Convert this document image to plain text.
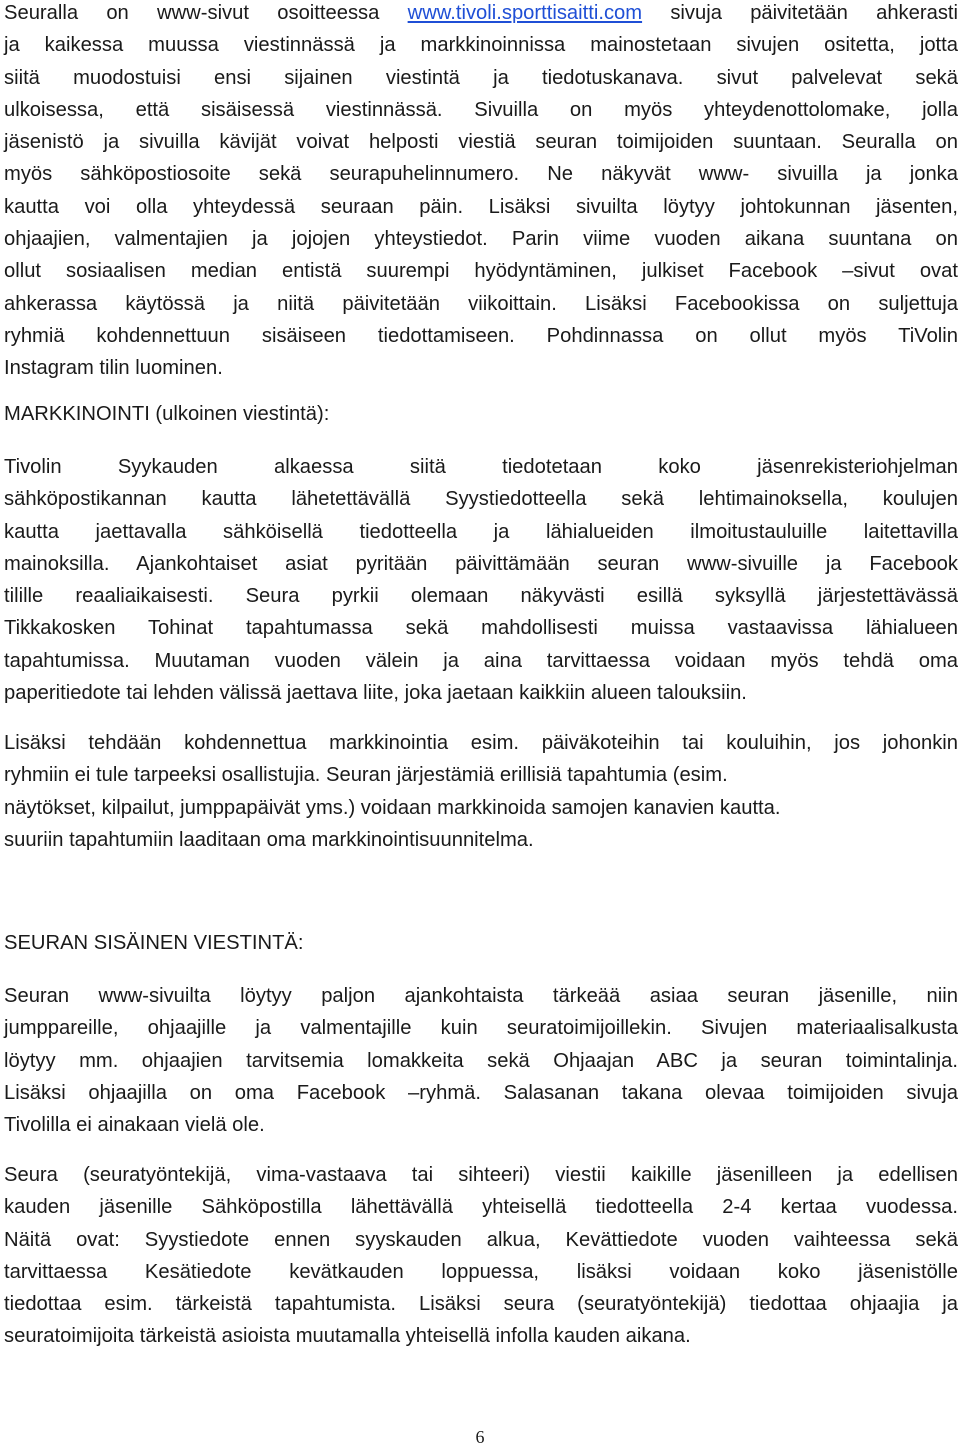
Seuralla on www-sivut osoitteessa www.tivoli.sporttisaitti.com sivuja päivitetään ahkerasti
ja kaikessa muussa viestinnässä ja markkinoinnissa mainostetaan sivujen ositetta, jotta
siitä muodostuisi ensi sijainen viestintä ja tiedotuskanava. sivut palvelevat sekä
ulkoisessa, että sisäisessä viestinnässä. Sivuilla on myös yhteydenottolomake, jolla
jäsenistö ja sivuilla kävijät voivat helposti viestiä seuran toimijoiden suuntaan. Seuralla on
myös sähköpostiosoite sekä seurapuhelinnumero. Ne näkyvät www- sivuilla ja jonka
kautta voi olla yhteydessä seuraan päin. Lisäksi sivuilta löytyy johtokunnan jäsenten,
ohjaajien, valmentajien ja jojojen yhteystiedot. Parin viime vuoden aikana suuntana on
ollut sosiaalisen median entistä suurempi hyödyntäminen, julkiset Facebook –sivut ovat
ahkerassa käytössä ja niitä päivitetään viikoittain. Lisäksi Facebookissa on suljettuja
ryhmiä kohdennettuun sisäiseen tiedottamiseen. Pohdinnassa on ollut myös TiVolin
Instagram tilin luominen.

MARKKINOINTI (ulkoinen viestintä):

Tivolin Syykauden alkaessa siitä tiedotetaan koko jäsenrekisteriohjelman
sähköpostikannan kautta lähetettävällä Syystiedotteella sekä lehtimainoksella, koulujen
kautta jaettavalla sähköisellä tiedotteella ja lähialueiden ilmoitustauluille laitettavilla
mainoksilla. Ajankohtaiset asiat pyritään päivittämään seuran www-sivuille ja Facebook
tilille reaaliaikaisesti. Seura pyrkii olemaan näkyvästi esillä syksyllä järjestettävässä
Tikkakosken Tohinat tapahtumassa sekä mahdollisesti muissa vastaavissa lähialueen
tapahtumissa. Muutaman vuoden välein ja aina tarvittaessa voidaan myös tehdä oma
paperitiedote tai lehden välissä jaettava liite, joka jaetaan kaikkiin alueen talouksiin.

Lisäksi tehdään kohdennettua markkinointia esim. päiväkoteihin tai kouluihin, jos johonkin
ryhmiin ei tule tarpeeksi osallistujia. Seuran järjestämiä erillisiä tapahtumia (esim.
näytökset, kilpailut, jumppapäivät yms.) voidaan markkinoida samojen kanavien kautta.
suuriin tapahtumiin laaditaan oma markkinointisuunnitelma.

SEURAN SISÄINEN VIESTINTÄ:

Seuran www-sivuilta löytyy paljon ajankohtaista tärkeää asiaa seuran jäsenille, niin
jumppareille, ohjaajille ja valmentajille kuin seuratoimijoillekin. Sivujen materiaalisalkusta
löytyy mm. ohjaajien tarvitsemia lomakkeita sekä Ohjaajan ABC ja seuran toimintalinja.
Lisäksi ohjaajilla on oma Facebook –ryhmä. Salasanan takana olevaa toimijoiden sivuja
Tivolilla ei ainakaan vielä ole.

Seura (seuratyöntekijä, vima-vastaava tai sihteeri) viestii kaikille jäsenilleen ja edellisen
kauden jäsenille Sähköpostilla lähettävällä yhteisellä tiedotteella 2-4 kertaa vuodessa.
Näitä ovat: Syystiedote ennen syyskauden alkua, Kevättiedote vuoden vaihteessa sekä
tarvittaessa Kesätiedote kevätkauden loppuessa, lisäksi voidaan koko jäsenistölle
tiedottaa esim. tärkeistä tapahtumista. Lisäksi seura (seuratyöntekijä) tiedottaa ohjaajia ja
seuratoimijoita tärkeistä asioista muutamalla yhteisellä infolla kauden aikana.

6
